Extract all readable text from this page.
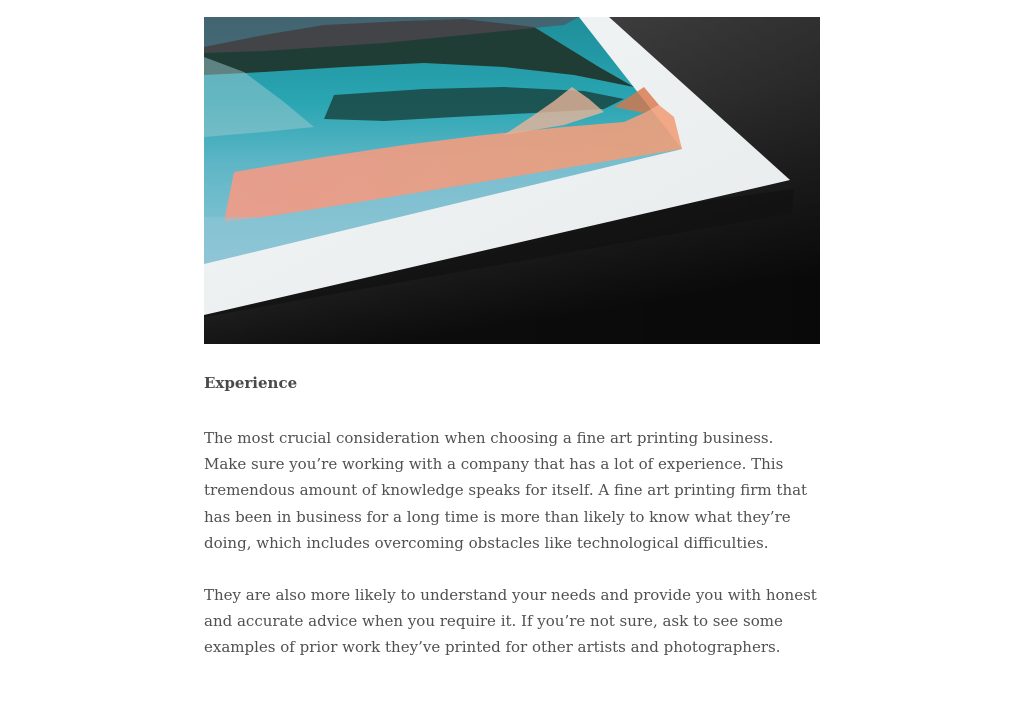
Experience

The most crucial consideration when choosing a fine art printing business. Make sure you’re working with a company that has a lot of experience. This tremendous amount of knowledge speaks for itself. A fine art printing firm that has been in business for a long time is more than likely to know what they’re doing, which includes overcoming obstacles like technological difficulties.

They are also more likely to understand your needs and provide you with honest and accurate advice when you require it. If you’re not sure, ask to see some examples of prior work they’ve printed for other artists and photographers.
